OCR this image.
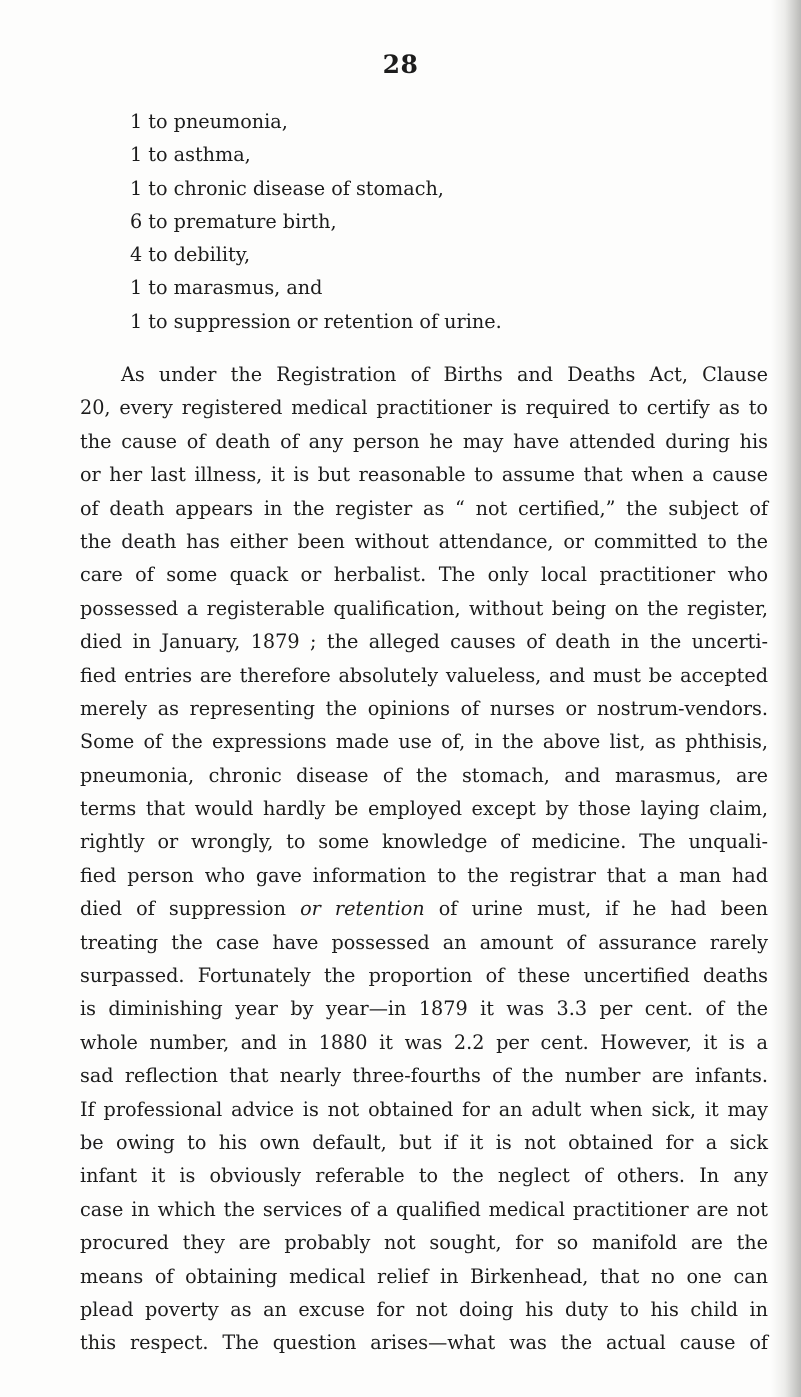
28
1 to pneumonia,
1 to asthma,
1 to chronic disease of stomach,
6 to premature birth,
4 to debility,
1 to marasmus, and
1 to suppression or retention of urine.
As under the Registration of Births and Deaths Act, Clause
20, every registered medical practitioner is required to certify as to
the cause of death of any person he may have attended during his
or her last illness, it is but reasonable to assume that when a cause
of death appears in the register as “ not certified,” the subject of
the death has either been without attendance, or committed to the
care of some quack or herbalist. The only local practitioner who
possessed a registerable qualification, without being on the register,
died in January, 1879 ; the alleged causes of death in the uncerti-
fied entries are therefore absolutely valueless, and must be accepted
merely as representing the opinions of nurses or nostrum-vendors.
Some of the expressions made use of, in the above list, as phthisis,
pneumonia, chronic disease of the stomach, and marasmus, are
terms that would hardly be employed except by those laying claim,
rightly or wrongly, to some knowledge of medicine. The unquali-
fied person who gave information to the registrar that a man had
died of suppression or retention of urine must, if he had been
treating the case have possessed an amount of assurance rarely
surpassed. Fortunately the proportion of these uncertified deaths
is diminishing year by year—in 1879 it was 3.3 per cent. of the
whole number, and in 1880 it was 2.2 per cent. However, it is a
sad reflection that nearly three-fourths of the number are infants.
If professional advice is not obtained for an adult when sick, it may
be owing to his own default, but if it is not obtained for a sick
infant it is obviously referable to the neglect of others. In any
case in which the services of a qualified medical practitioner are not
procured they are probably not sought, for so manifold are the
means of obtaining medical relief in Birkenhead, that no one can
plead poverty as an excuse for not doing his duty to his child in
this respect. The question arises—what was the actual cause of
